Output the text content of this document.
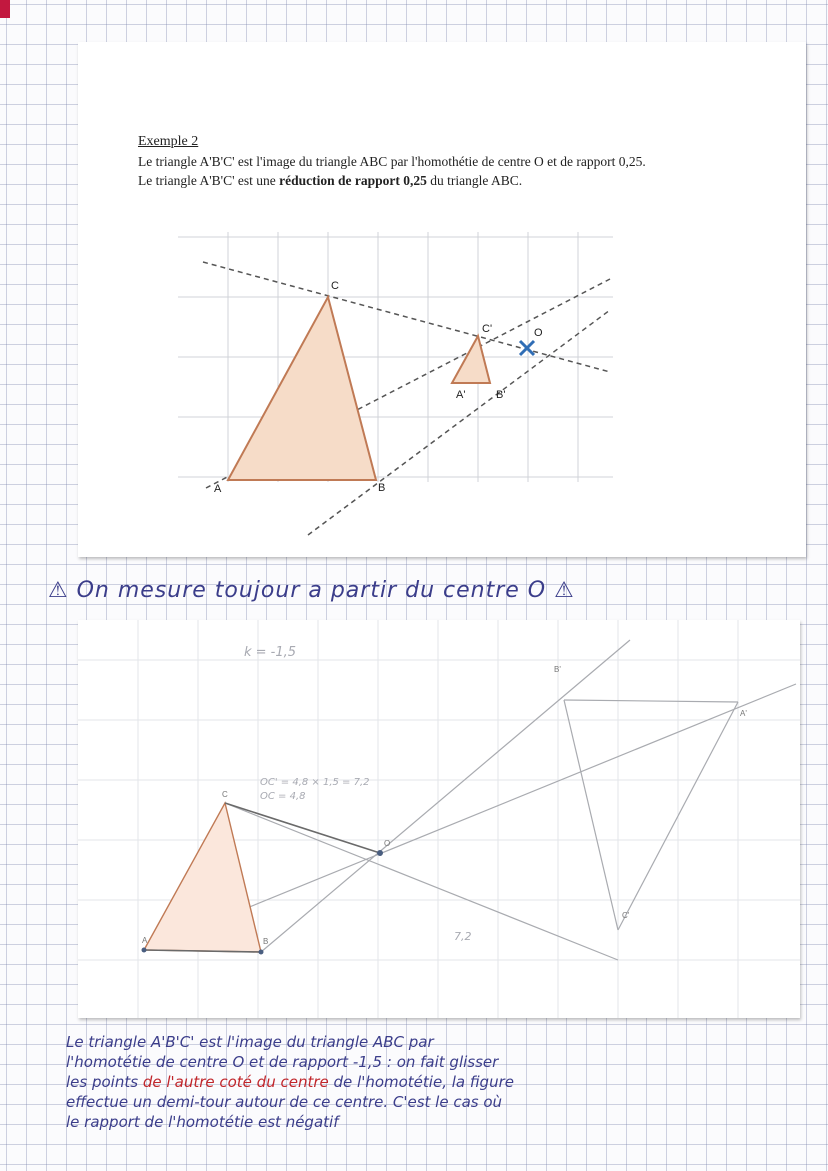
Exemple 2

Le triangle A'B'C' est l'image du triangle ABC par l'homothétie de centre O et de rapport 0,25.

Le triangle A'B'C' est une réduction de rapport 0,25 du triangle ABC.

A	B
C
A'	B'
C'	O
⚠ On mesure toujour a partir du centre O ⚠
A	B
C
O
B'
A'
C'
k = -1,5
OC' = 4,8 × 1,5 = 7,2
OC = 4,8
7,2
Le triangle A'B'C' est l'image du triangle ABC par
l'homotétie de centre O et de rapport -1,5 : on fait glisser
les points de l'autre coté du centre de l'homotétie, la figure
effectue un demi-tour autour de ce centre. C'est le cas où
le rapport de l'homotétie est négatif
